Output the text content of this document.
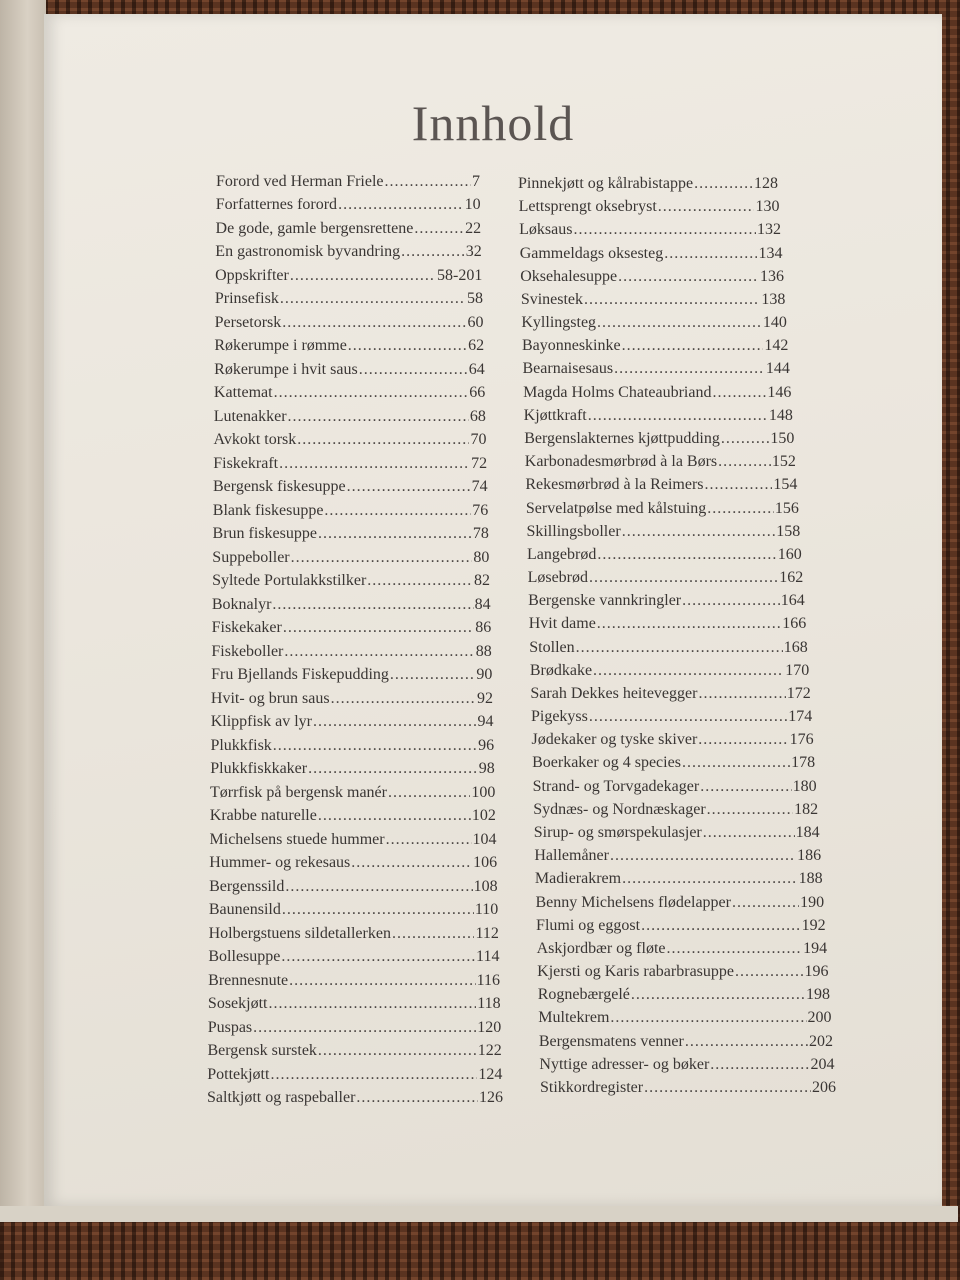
Innhold
Forord ved Herman Friele .....	7
Forfatternes forord .....	10
De gode, gamle bergensrettene .....	22
En gastronomisk byvandring .....	32
Oppskrifter .....	58-201
Prinsefisk .....	58
Persetorsk .....	60
Røkerumpe i rømme .....	62
Røkerumpe i hvit saus .....	64
Kattemat .....	66
Lutenakker .....	68
Avkokt torsk .....	70
Fiskekraft .....	72
Bergensk fiskesuppe .....	74
Blank fiskesuppe .....	76
Brun fiskesuppe .....	78
Suppeboller .....	80
Syltede Portulakkstilker .....	82
Boknalyr .....	84
Fiskekaker .....	86
Fiskeboller .....	88
Fru Bjellands Fiskepudding .....	90
Hvit- og brun saus .....	92
Klippfisk av lyr .....	94
Plukkfisk .....	96
Plukkfiskkaker .....	98
Tørrfisk på bergensk manér .....	100
Krabbe naturelle .....	102
Michelsens stuede hummer .....	104
Hummer- og rekesaus .....	106
Bergenssild .....	108
Baunensild .....	110
Holbergstuens sildetallerken .....	112
Bollesuppe .....	114
Brennesnute .....	116
Sosekjøtt .....	118
Puspas .....	120
Bergensk surstek .....	122
Pottekjøtt .....	124
Saltkjøtt og raspeballer .....	126
Pinnekjøtt og kålrabistappe .....	128
Lettsprengt oksebryst .....	130
Løksaus .....	132
Gammeldags oksesteg .....	134
Oksehalesuppe .....	136
Svinestek .....	138
Kyllingsteg .....	140
Bayonneskinke .....	142
Bearnaisesaus .....	144
Magda Holms Chateaubriand .....	146
Kjøttkraft .....	148
Bergenslakternes kjøttpudding .....	150
Karbonadesmørbrød à la Børs .....	152
Rekesmørbrød à la Reimers .....	154
Servelatpølse med kålstuing .....	156
Skillingsboller .....	158
Langebrød .....	160
Løsebrød .....	162
Bergenske vannkringler .....	164
Hvit dame .....	166
Stollen .....	168
Brødkake .....	170
Sarah Dekkes heitevegger .....	172
Pigekyss .....	174
Jødekaker og tyske skiver .....	176
Boerkaker og 4 species .....	178
Strand- og Torvgadekager .....	180
Sydnæs- og Nordnæskager .....	182
Sirup- og smørspekulasjer .....	184
Hallemåner .....	186
Madierakrem .....	188
Benny Michelsens flødelapper .....	190
Flumi og eggost .....	192
Askjordbær og fløte .....	194
Kjersti og Karis rabarbrasuppe .....	196
Rognebærgelé .....	198
Multekrem .....	200
Bergensmatens venner .....	202
Nyttige adresser- og bøker .....	204
Stikkordregister .....	206
